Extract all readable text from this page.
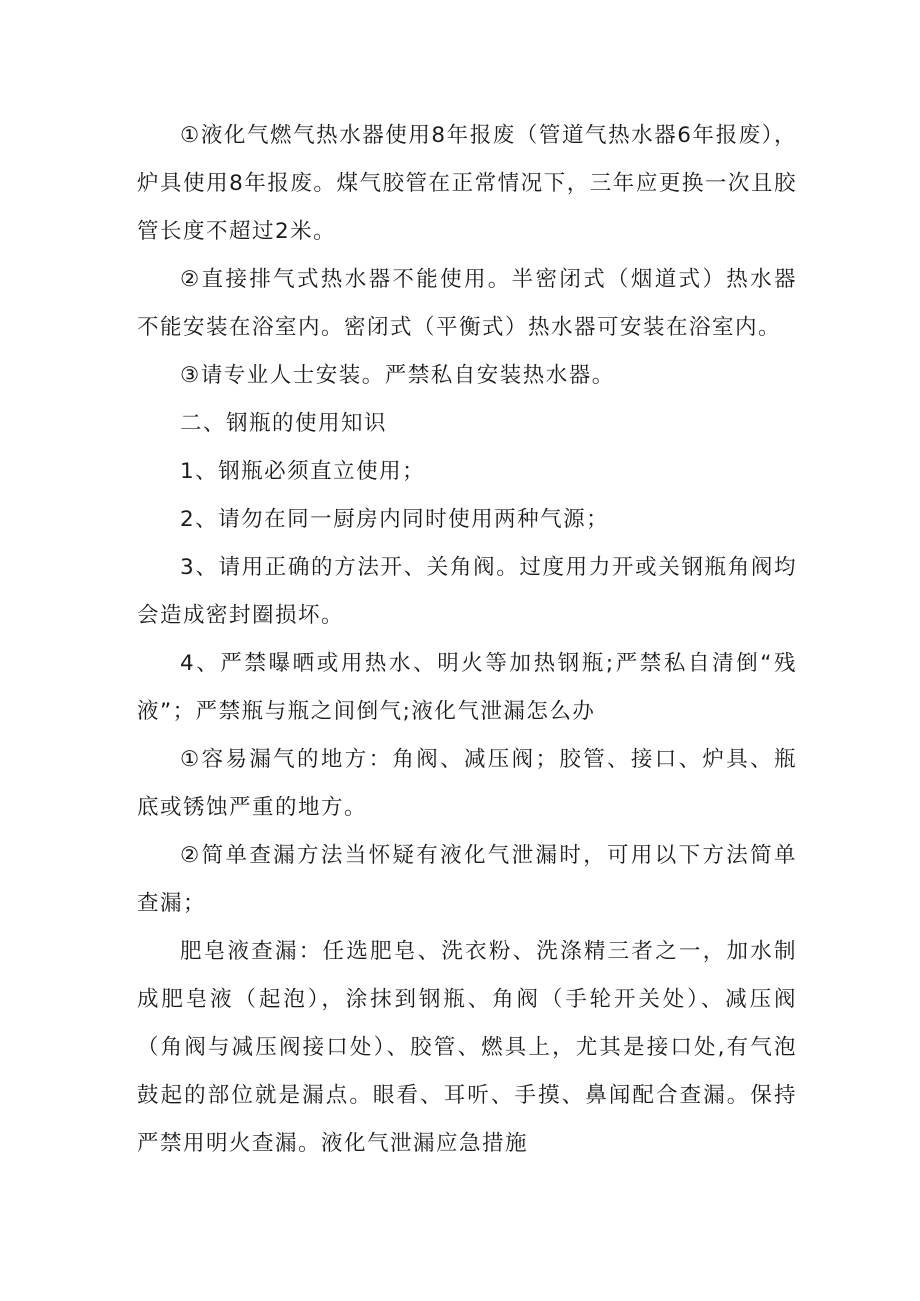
①液化气燃气热水器使用8年报废（管道气热水器6年报废），炉具使用8年报废。煤气胶管在正常情况下，三年应更换一次且胶管长度不超过2米。

②直接排气式热水器不能使用。半密闭式（烟道式）热水器不能安装在浴室内。密闭式（平衡式）热水器可安装在浴室内。

③请专业人士安装。严禁私自安装热水器。

二、钢瓶的使用知识

1、钢瓶必须直立使用；

2、请勿在同一厨房内同时使用两种气源；

3、请用正确的方法开、关角阀。过度用力开或关钢瓶角阀均会造成密封圈损坏。

4、严禁曝晒或用热水、明火等加热钢瓶;严禁私自清倒“残液”；严禁瓶与瓶之间倒气;液化气泄漏怎么办

①容易漏气的地方：角阀、减压阀；胶管、接口、炉具、瓶底或锈蚀严重的地方。

②简单查漏方法当怀疑有液化气泄漏时，可用以下方法简单查漏；

肥皂液查漏：任选肥皂、洗衣粉、洗涤精三者之一，加水制成肥皂液（起泡），涂抹到钢瓶、角阀（手轮开关处）、减压阀（角阀与减压阀接口处）、胶管、燃具上，尤其是接口处,有气泡鼓起的部位就是漏点。眼看、耳听、手摸、鼻闻配合查漏。保持严禁用明火查漏。液化气泄漏应急措施
